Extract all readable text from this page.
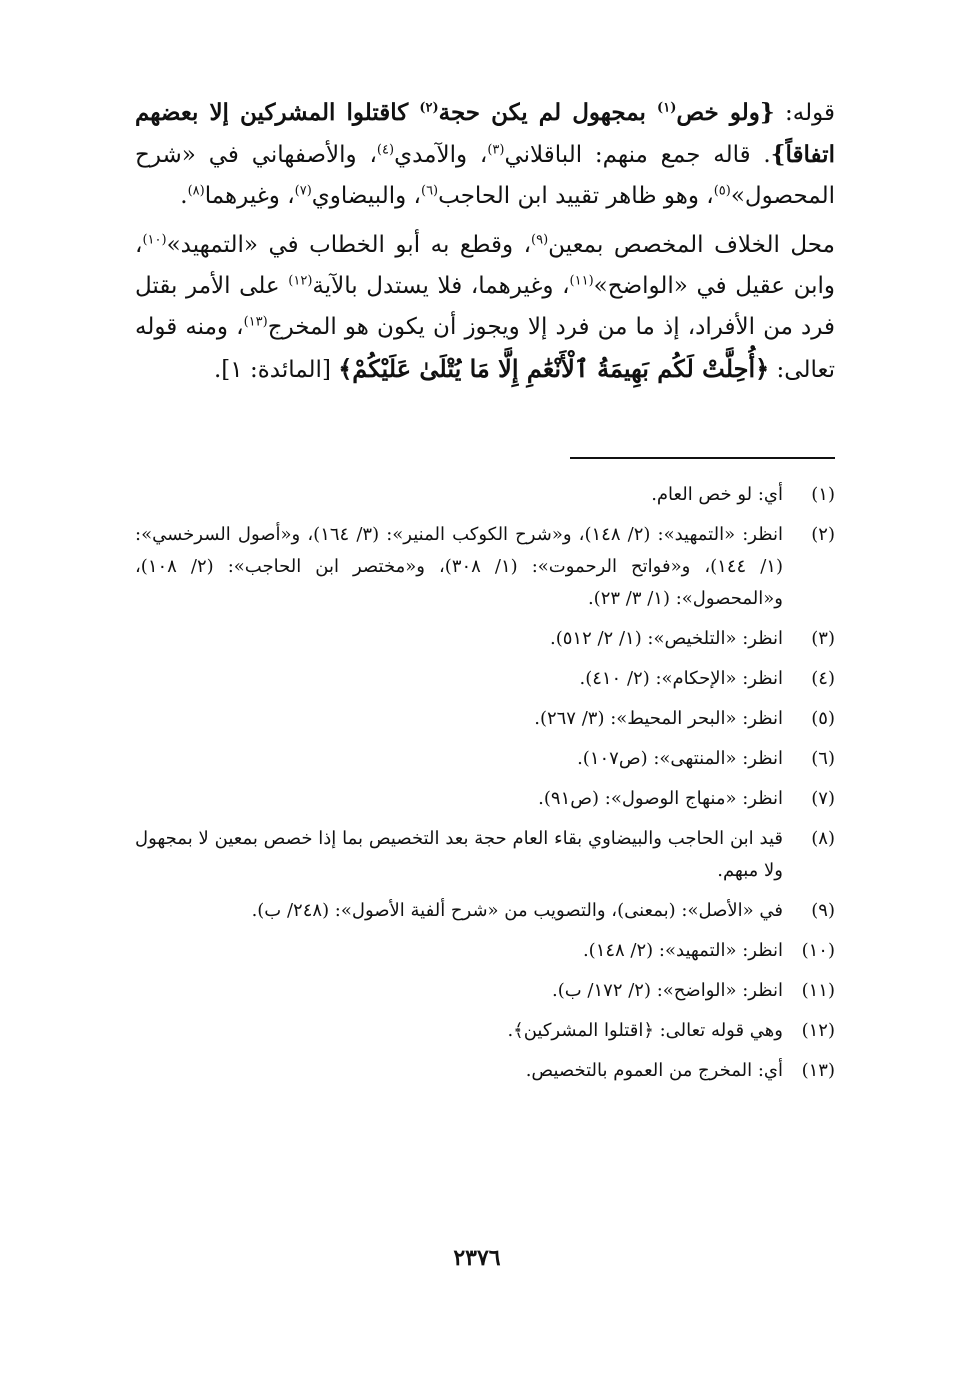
قوله: {ولو خص$^{(١)}$ بمجهول لم يكن حجة$^{(٢)}$ كاقتلوا المشركين إلا بعضهم اتفاقاً}. قاله جمع منهم: الباقلاني$^{(٣)}$، والآمدي$^{(٤)}$، والأصفهاني في «شرح المحصول»$^{(٥)}$، وهو ظاهر تقييد ابن الحاجب$^{(٦)}$، والبيضاوي$^{(٧)}$، وغيرهما$^{(٨)}$.

محل الخلاف المخصص بمعين$^{(٩)}$، وقطع به أبو الخطاب في «التمهيد»$^{(١٠)}$، وابن عقيل في «الواضح»$^{(١١)}$، وغيرهما، فلا يستدل بالآية$^{(١٢)}$ على الأمر بقتل فرد من الأفراد، إذ ما من فرد إلا ويجوز أن يكون هو المخرج$^{(١٣)}$، ومنه قوله تعالى: ﴿أُحِلَّتْ لَكُم بَهِيمَةُ ٱلْأَنْعَٰمِ إِلَّا مَا يُتْلَىٰ عَلَيْكُمْ﴾ [المائدة: ١].

(١)
أي: لو خص العام.
(٢)
انظر: «التمهيد»: (٢/ ١٤٨)، و«شرح الكوكب المنير»: (٣/ ١٦٤)، و«أصول السرخسي»: (١/ ١٤٤)، و«فواتح الرحموت»: (١/ ٣٠٨)، و«مختصر ابن الحاجب»: (٢/ ١٠٨)، و«المحصول»: (١/ ٣/ ٢٣).
(٣)
انظر: «التلخيص»: (١/ ٢/ ٥١٢).
(٤)
انظر: «الإحكام»: (٢/ ٤١٠).
(٥)
انظر: «البحر المحيط»: (٣/ ٢٦٧).
(٦)
انظر: «المنتهى»: (ص١٠٧).
(٧)
انظر: «منهاج الوصول»: (ص٩١).
(٨)
قيد ابن الحاجب والبيضاوي بقاء العام حجة بعد التخصيص بما إذا خصص بمعين لا بمجهول ولا مبهم.
(٩)
في «الأصل»: (بمعنى)، والتصويب من «شرح ألفية الأصول»: (٢٤٨/ ب).
(١٠)
انظر: «التمهيد»: (٢/ ١٤٨).
(١١)
انظر: «الواضح»: (٢/ ١٧٢/ ب).
(١٢)
وهي قوله تعالى: ﴿اقتلوا المشركين﴾.
(١٣)
أي: المخرج من العموم بالتخصيص.
٢٣٧٦
